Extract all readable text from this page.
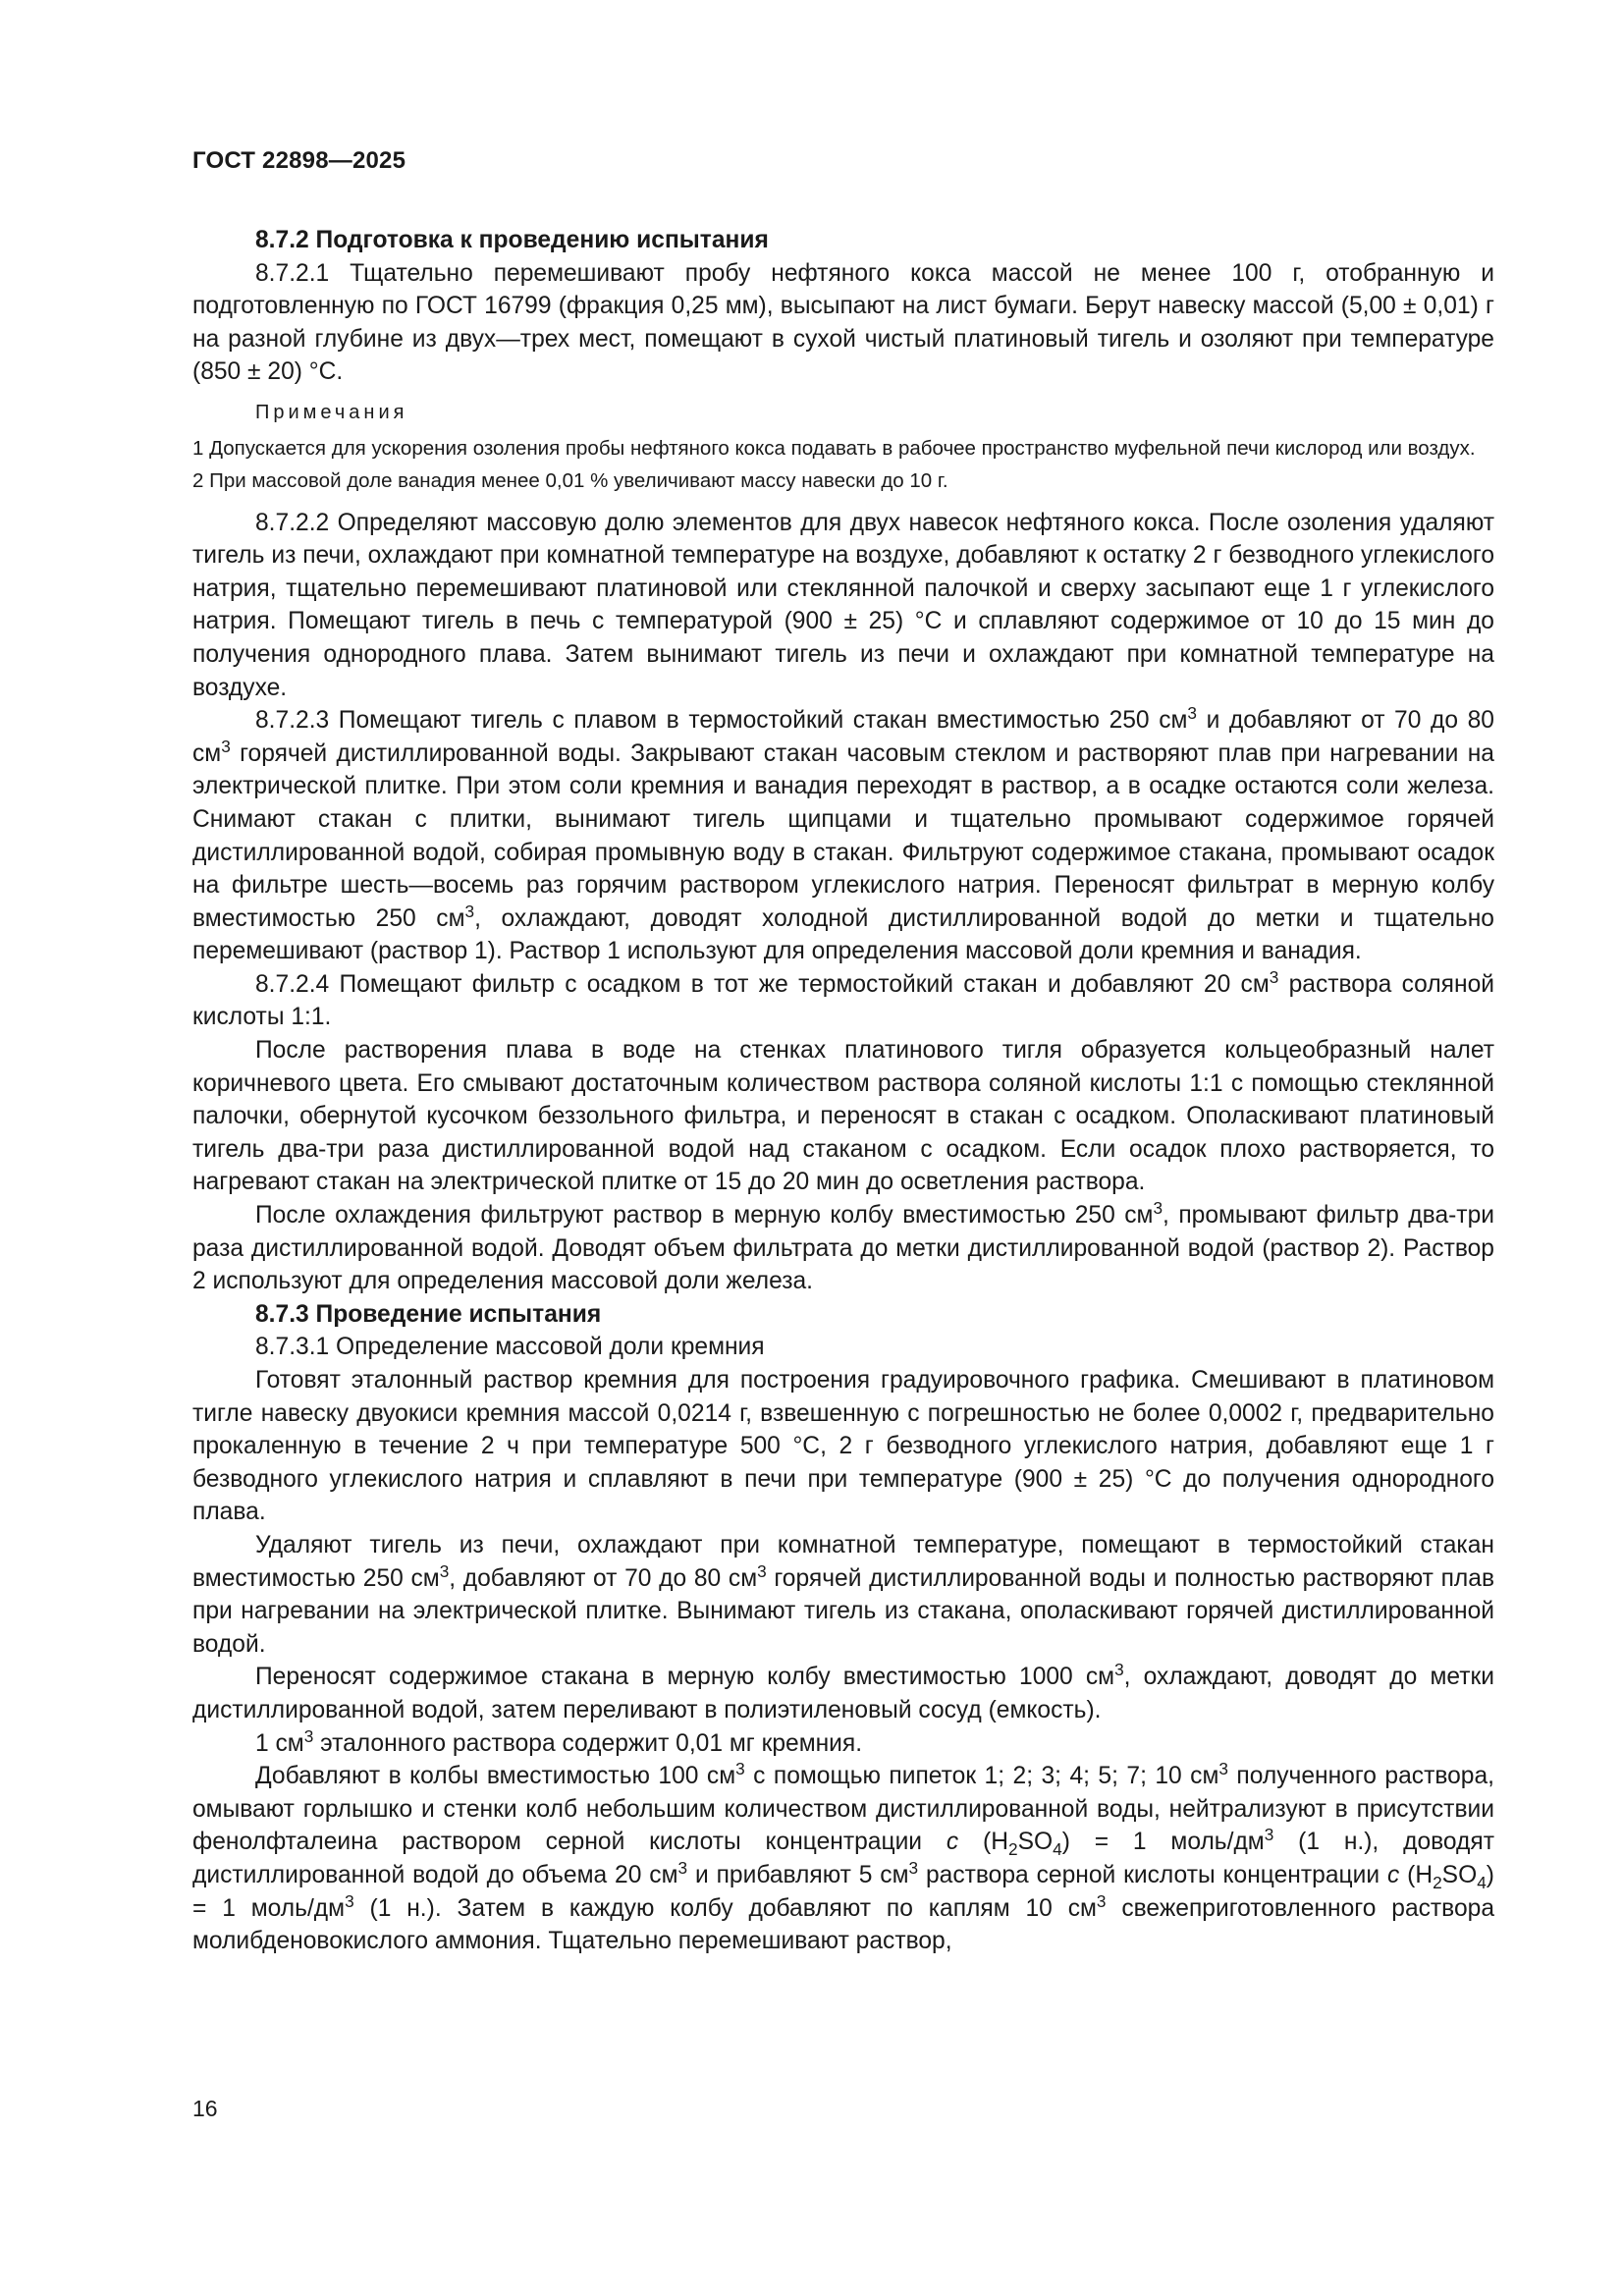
ГОСТ 22898—2025

8.7.2 Подготовка к проведению испытания

8.7.2.1 Тщательно перемешивают пробу нефтяного кокса массой не менее 100 г, отобранную и подготовленную по ГОСТ 16799 (фракция 0,25 мм), высыпают на лист бумаги. Берут навеску массой (5,00 ± 0,01) г на разной глубине из двух—трех мест, помещают в сухой чистый платиновый тигель и озоляют при температуре (850 ± 20) °С.

Примечания

1 Допускается для ускорения озоления пробы нефтяного кокса подавать в рабочее пространство муфельной печи кислород или воздух.

2 При массовой доле ванадия менее 0,01 % увеличивают массу навески до 10 г.

8.7.2.2 Определяют массовую долю элементов для двух навесок нефтяного кокса. После озоления удаляют тигель из печи, охлаждают при комнатной температуре на воздухе, добавляют к остатку 2 г безводного углекислого натрия, тщательно перемешивают платиновой или стеклянной палочкой и сверху засыпают еще 1 г углекислого натрия. Помещают тигель в печь с температурой (900 ± 25) °С и сплавляют содержимое от 10 до 15 мин до получения однородного плава. Затем вынимают тигель из печи и охлаждают при комнатной температуре на воздухе.

8.7.2.3 Помещают тигель с плавом в термостойкий стакан вместимостью 250 $см^3$ и добавляют от 70 до 80 $см^3$ горячей дистиллированной воды. Закрывают стакан часовым стеклом и растворяют плав при нагревании на электрической плитке. При этом соли кремния и ванадия переходят в раствор, а в осадке остаются соли железа. Снимают стакан с плитки, вынимают тигель щипцами и тщательно промывают содержимое горячей дистиллированной водой, собирая промывную воду в стакан. Фильтруют содержимое стакана, промывают осадок на фильтре шесть—восемь раз горячим раствором углекислого натрия. Переносят фильтрат в мерную колбу вместимостью 250 $см^3$, охлаждают, доводят холодной дистиллированной водой до метки и тщательно перемешивают (раствор 1). Раствор 1 используют для определения массовой доли кремния и ванадия.

8.7.2.4 Помещают фильтр с осадком в тот же термостойкий стакан и добавляют 20 $см^3$ раствора соляной кислоты 1:1.

После растворения плава в воде на стенках платинового тигля образуется кольцеобразный налет коричневого цвета. Его смывают достаточным количеством раствора соляной кислоты 1:1 с помощью стеклянной палочки, обернутой кусочком беззольного фильтра, и переносят в стакан с осадком. Ополаскивают платиновый тигель два-три раза дистиллированной водой над стаканом с осадком. Если осадок плохо растворяется, то нагревают стакан на электрической плитке от 15 до 20 мин до осветления раствора.

После охлаждения фильтруют раствор в мерную колбу вместимостью 250 $см^3$, промывают фильтр два-три раза дистиллированной водой. Доводят объем фильтрата до метки дистиллированной водой (раствор 2). Раствор 2 используют для определения массовой доли железа.

8.7.3 Проведение испытания

8.7.3.1 Определение массовой доли кремния

Готовят эталонный раствор кремния для построения градуировочного графика. Смешивают в платиновом тигле навеску двуокиси кремния массой 0,0214 г, взвешенную с погрешностью не более 0,0002 г, предварительно прокаленную в течение 2 ч при температуре 500 °С, 2 г безводного углекислого натрия, добавляют еще 1 г безводного углекислого натрия и сплавляют в печи при температуре (900 ± 25) °С до получения однородного плава.

Удаляют тигель из печи, охлаждают при комнатной температуре, помещают в термостойкий стакан вместимостью 250 $см^3$, добавляют от 70 до 80 $см^3$ горячей дистиллированной воды и полностью растворяют плав при нагревании на электрической плитке. Вынимают тигель из стакана, ополаскивают горячей дистиллированной водой.

Переносят содержимое стакана в мерную колбу вместимостью 1000 $см^3$, охлаждают, доводят до метки дистиллированной водой, затем переливают в полиэтиленовый сосуд (емкость).

1 $см^3$ эталонного раствора содержит 0,01 мг кремния.

Добавляют в колбы вместимостью 100 $см^3$ с помощью пипеток 1; 2; 3; 4; 5; 7; 10 $см^3$ полученного раствора, омывают горлышко и стенки колб небольшим количеством дистиллированной воды, нейтрализуют в присутствии фенолфталеина раствором серной кислоты концентрации c $(H_2SO_4) = 1$ моль/$дм^3$ (1 н.), доводят дистиллированной водой до объема 20 $см^3$ и прибавляют 5 $см^3$ раствора серной кислоты концентрации c $(H_2SO_4) = 1$ моль/$дм^3$ (1 н.). Затем в каждую колбу добавляют по каплям 10 $см^3$ свежеприготовленного раствора молибденовокислого аммония. Тщательно перемешивают раствор,

16
